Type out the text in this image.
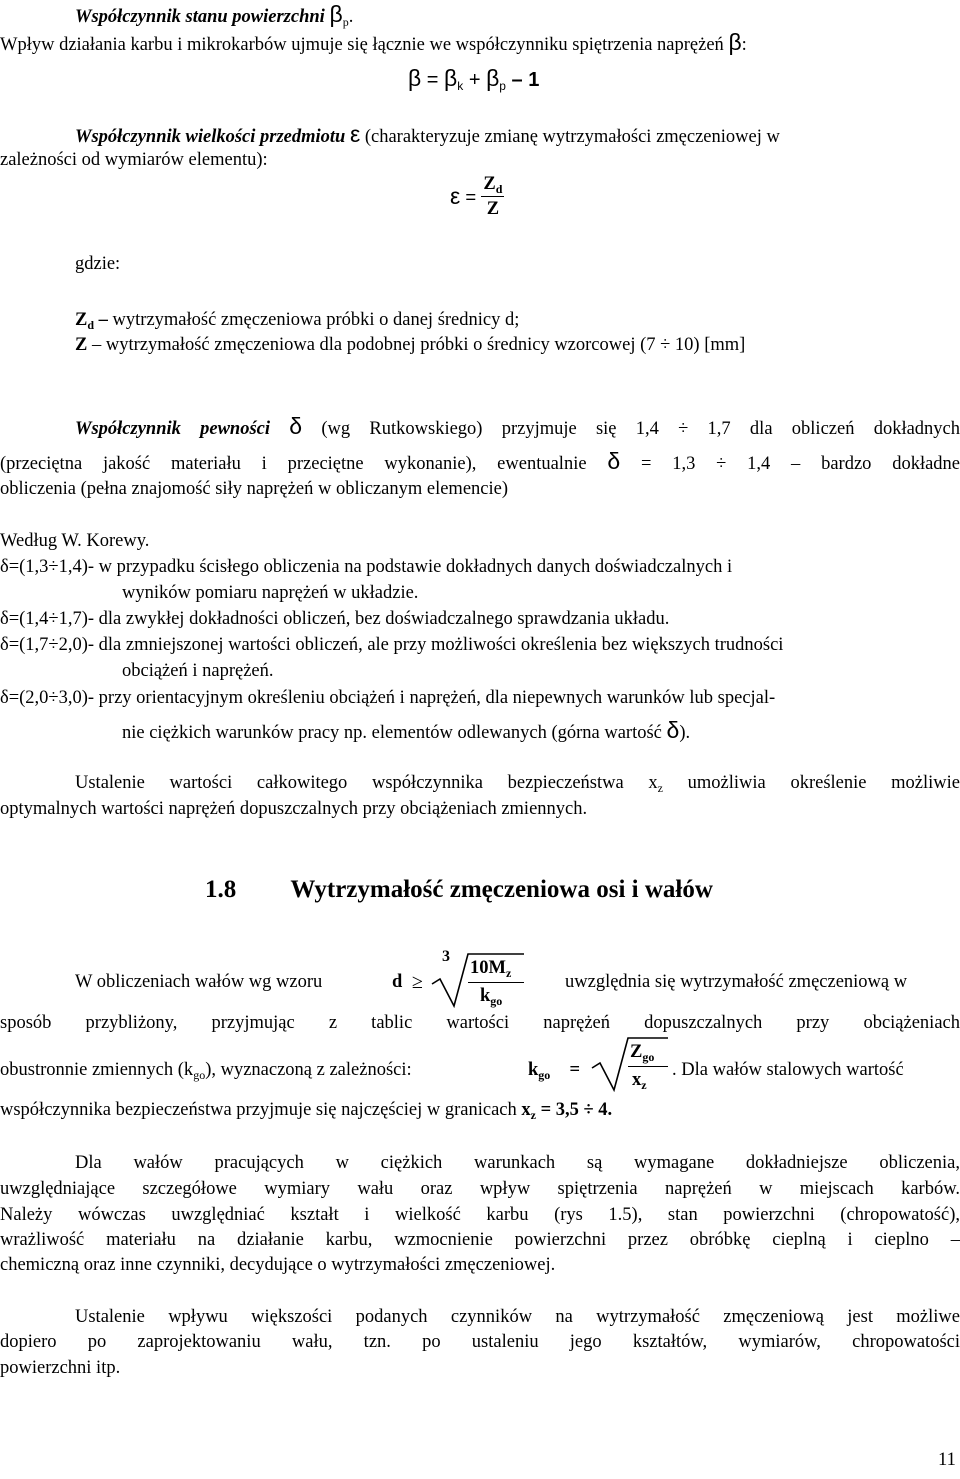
Współczynnik stanu powierzchni $\beta_p$.
Wpływ działania karbu i mikrokarbów ujmuje się łącznie we współczynniku spiętrzenia naprężeń β:
$\beta = \beta_k + \beta_p - 1$
Współczynnik wielkości przedmiotu ε (charakteryzuje zmianę wytrzymałości zmęczeniowej w
zależności od wymiarów elementu):
$\varepsilon = \frac{Z_d}{Z}$
gdzie:
$Z_d$ – wytrzymałość zmęczeniowa próbki o danej średnicy d;
Z – wytrzymałość zmęczeniowa dla podobnej próbki o średnicy wzorcowej (7 ÷ 10) [mm]
Współczynnik pewności δ (wg Rutkowskiego) przyjmuje się 1,4 ÷ 1,7 dla obliczeń dokładnych
(przeciętna jakość materiału i przeciętne wykonanie), ewentualnie δ = 1,3 ÷ 1,4 – bardzo dokładne
obliczenia (pełna znajomość siły naprężeń w obliczanym elemencie)
Według W. Korewy.
δ=(1,3÷1,4)- w przypadku ścisłego obliczenia na podstawie dokładnych danych doświadczalnych i
wyników pomiaru naprężeń w układzie.
δ=(1,4÷1,7)- dla zwykłej dokładności obliczeń, bez doświadczalnego sprawdzania układu.
δ=(1,7÷2,0)- dla zmniejszonej wartości obliczeń, ale przy możliwości określenia bez większych trudności
obciążeń i naprężeń.
δ=(2,0÷3,0)- przy orientacyjnym określeniu obciążeń i naprężeń, dla niepewnych warunków lub specjal-
nie ciężkich warunków pracy np. elementów odlewanych (górna wartość δ).
Ustalenie wartości całkowitego współczynnika bezpieczeństwa $x_z$ umożliwia określenie możliwie
optymalnych wartości naprężeń dopuszczalnych przy obciążeniach zmiennych.
1.8 Wytrzymałość zmęczeniowa osi i wałów
W obliczeniach wałów wg wzoru	d ≥
3
$10M_z$
$k_{go}$
uwzględnia się wytrzymałość zmęczeniową w
sposób przybliżony, przyjmując z tablic wartości naprężeń dopuszczalnych przy obciążeniach
obustronnie zmiennych $(k_{go})$, wyznaczoną z zależności:	$k_{go}$ =
$Z_{go}$
$x_z$
. Dla wałów stalowych wartość
współczynnika bezpieczeństwa przyjmuje się najczęściej w granicach $x_z = 3,5 \div 4$.
Dla wałów pracujących w ciężkich warunkach są wymagane dokładniejsze obliczenia,
uwzględniające szczegółowe wymiary wału oraz wpływ spiętrzenia naprężeń w miejscach karbów.
Należy wówczas uwzględniać kształt i wielkość karbu (rys 1.5), stan powierzchni (chropowatość),
wrażliwość materiału na działanie karbu, wzmocnienie powierzchni przez obróbkę cieplną i cieplno –
chemiczną oraz inne czynniki, decydujące o wytrzymałości zmęczeniowej.
Ustalenie wpływu większości podanych czynników na wytrzymałość zmęczeniową jest możliwe
dopiero po zaprojektowaniu wału, tzn. po ustaleniu jego kształtów, wymiarów, chropowatości
powierzchni itp.
11
